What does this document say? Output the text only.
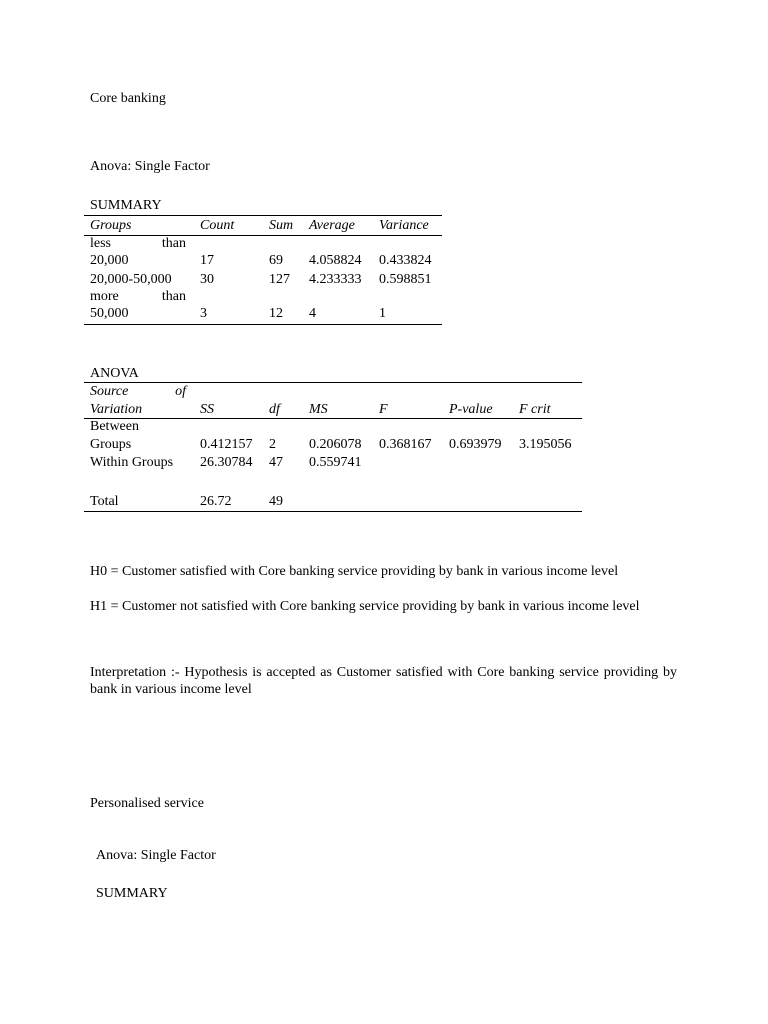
Core banking
Anova: Single Factor
SUMMARY
Groups	Count Sum Average Variance
less	than
20,000	17	69 4.058824 0.433824
20,000-50,000 30	127 4.233333 0.598851
more	than
50,000	3	12 4	1
ANOVA
Source	of
Variation	SS	df MS	F	P-value F crit
Between
Groups	0.412157 2 0.206078 0.368167 0.693979 3.195056
Within Groups 26.30784 47 0.559741
Total	26.72	49
H0 = Customer satisfied with Core banking service providing by bank in various income level
H1 = Customer not satisfied with Core banking service providing by bank in various income level
Interpretation :- Hypothesis is accepted as Customer satisfied with Core banking service providing by bank in various income level
Personalised service
Anova: Single Factor
SUMMARY
